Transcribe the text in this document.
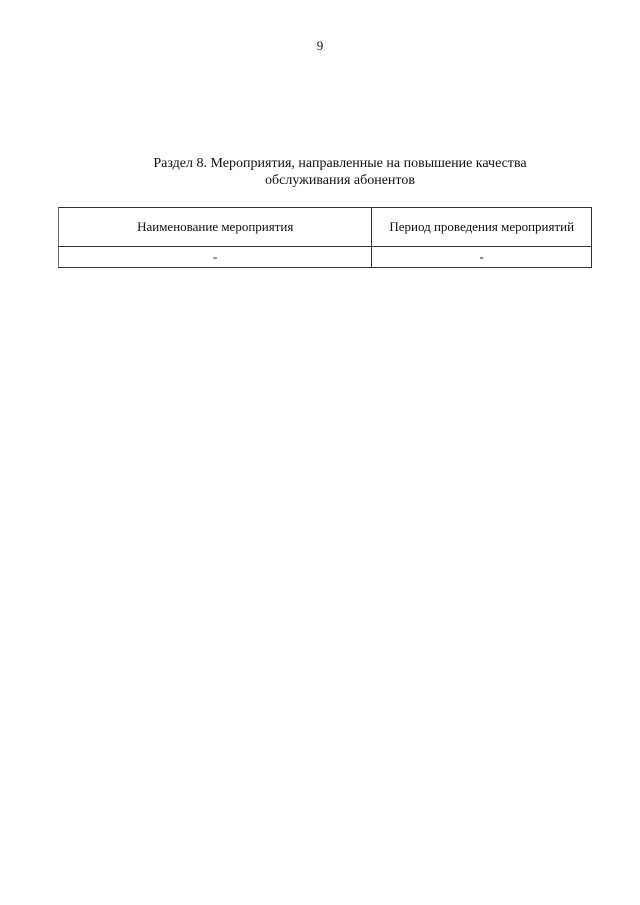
9
Раздел 8. Мероприятия, направленные на повышение качества
обслуживания абонентов
Наименование мероприятия	Период проведения мероприятий
-	-
